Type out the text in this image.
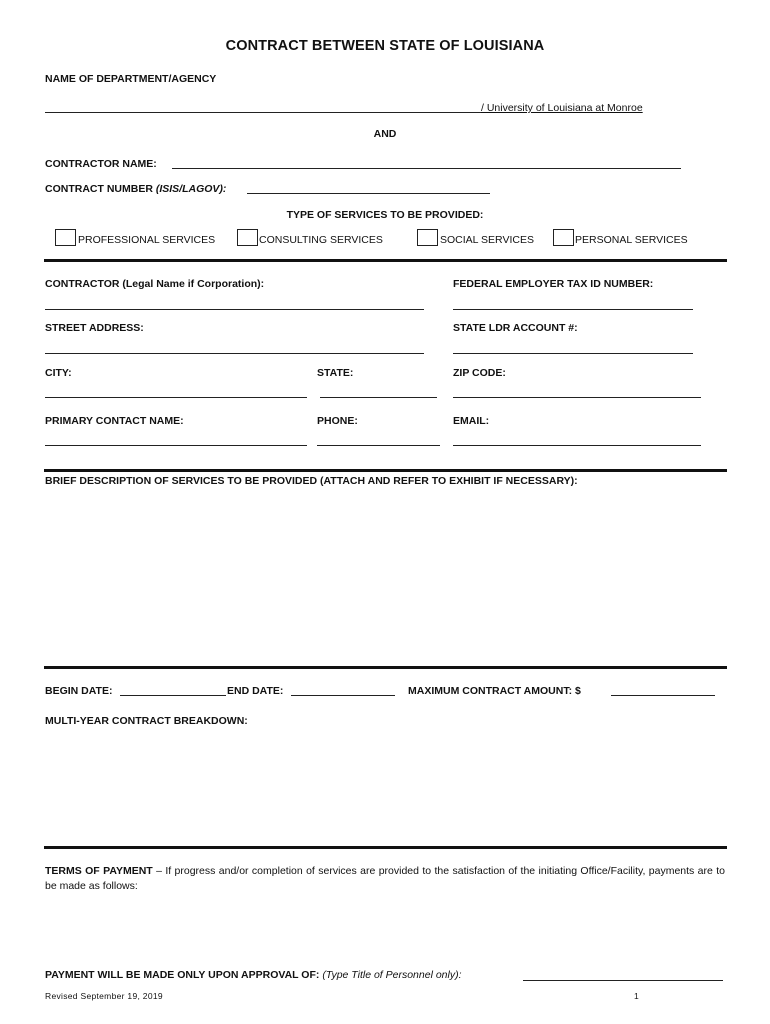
CONTRACT BETWEEN STATE OF LOUISIANA
NAME OF DEPARTMENT/AGENCY
/ University of Louisiana at Monroe
AND
CONTRACTOR NAME:
CONTRACT NUMBER (ISIS/LAGOV):
TYPE OF SERVICES TO BE PROVIDED:
PROFESSIONAL SERVICES	CONSULTING SERVICES	SOCIAL SERVICES	PERSONAL SERVICES
CONTRACTOR (Legal Name if Corporation):	FEDERAL EMPLOYER TAX ID NUMBER:
STREET ADDRESS:	STATE LDR ACCOUNT #:
CITY:	STATE:	ZIP CODE:
PRIMARY CONTACT NAME:	PHONE:	EMAIL:
BRIEF DESCRIPTION OF SERVICES TO BE PROVIDED (ATTACH AND REFER TO EXHIBIT IF NECESSARY):
BEGIN DATE:	END DATE:	MAXIMUM CONTRACT AMOUNT: $
MULTI-YEAR CONTRACT BREAKDOWN:
TERMS OF PAYMENT – If progress and/or completion of services are provided to the satisfaction of the initiating Office/Facility, payments are to be made as follows:
PAYMENT WILL BE MADE ONLY UPON APPROVAL OF: (Type Title of Personnel only):
Revised September 19, 2019	1
